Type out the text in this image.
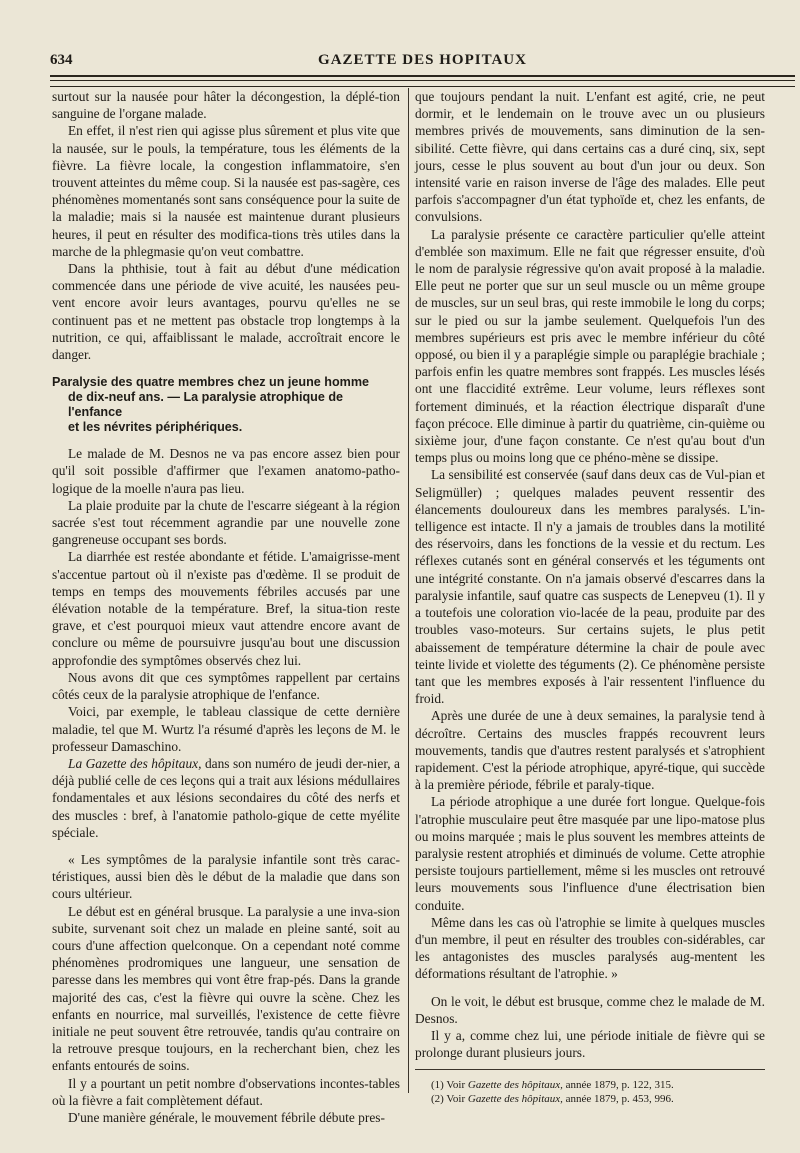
634	GAZETTE DES HOPITAUX

surtout sur la nausée pour hâter la décongestion, la déplé-tion sanguine de l'organe malade.

En effet, il n'est rien qui agisse plus sûrement et plus vite que la nausée, sur le pouls, la température, tous les éléments de la fièvre. La fièvre locale, la congestion inflammatoire, s'en trouvent atteintes du même coup. Si la nausée est pas-sagère, ces phénomènes momentanés sont sans conséquence pour la suite de la maladie; mais si la nausée est maintenue durant plusieurs heures, il peut en résulter des modifica-tions très utiles dans la marche de la phlegmasie qu'on veut combattre.

Dans la phthisie, tout à fait au début d'une médication commencée dans une période de vive acuité, les nausées peu-vent encore avoir leurs avantages, pourvu qu'elles ne se continuent pas et ne mettent pas obstacle trop longtemps à la nutrition, ce qui, affaiblissant le malade, accroîtrait encore le danger.

Paralysie des quatre membres chez un jeune homme
de dix-neuf ans. — La paralysie atrophique de l'enfance
et les névrites périphériques.

Le malade de M. Desnos ne va pas encore assez bien pour qu'il soit possible d'affirmer que l'examen anatomo-patho-logique de la moelle n'aura pas lieu.

La plaie produite par la chute de l'escarre siégeant à la région sacrée s'est tout récemment agrandie par une nouvelle zone gangreneuse occupant ses bords.

La diarrhée est restée abondante et fétide. L'amaigrisse-ment s'accentue partout où il n'existe pas d'œdème. Il se produit de temps en temps des mouvements fébriles accusés par une élévation notable de la température. Bref, la situa-tion reste grave, et c'est pourquoi mieux vaut attendre encore avant de conclure ou même de poursuivre jusqu'au bout une discussion approfondie des symptômes observés chez lui.

Nous avons dit que ces symptômes rappellent par certains côtés ceux de la paralysie atrophique de l'enfance.

Voici, par exemple, le tableau classique de cette dernière maladie, tel que M. Wurtz l'a résumé d'après les leçons de M. le professeur Damaschino.

La Gazette des hôpitaux, dans son numéro de jeudi der-nier, a déjà publié celle de ces leçons qui a trait aux lésions médullaires fondamentales et aux lésions secondaires du côté des nerfs et des muscles : bref, à l'anatomie patholo-gique de cette myélite spéciale.

« Les symptômes de la paralysie infantile sont très carac-téristiques, aussi bien dès le début de la maladie que dans son cours ultérieur.

Le début est en général brusque. La paralysie a une inva-sion subite, survenant soit chez un malade en pleine santé, soit au cours d'une affection quelconque. On a cependant noté comme phénomènes prodromiques une langueur, une sensation de paresse dans les membres qui vont être frap-pés. Dans la grande majorité des cas, c'est la fièvre qui ouvre la scène. Chez les enfants en nourrice, mal surveillés, l'existence de cette fièvre initiale ne peut souvent être retrouvée, tandis qu'au contraire on la retrouve presque toujours, en la recherchant bien, chez les enfants entourés de soins.

Il y a pourtant un petit nombre d'observations incontes-tables où la fièvre a fait complètement défaut.

D'une manière générale, le mouvement fébrile débute pres-

que toujours pendant la nuit. L'enfant est agité, crie, ne peut dormir, et le lendemain on le trouve avec un ou plusieurs membres privés de mouvements, sans diminution de la sen-sibilité. Cette fièvre, qui dans certains cas a duré cinq, six, sept jours, cesse le plus souvent au bout d'un jour ou deux. Son intensité varie en raison inverse de l'âge des malades. Elle peut parfois s'accompagner d'un état typhoïde et, chez les enfants, de convulsions.

La paralysie présente ce caractère particulier qu'elle atteint d'emblée son maximum. Elle ne fait que régresser ensuite, d'où le nom de paralysie régressive qu'on avait proposé à la maladie. Elle peut ne porter que sur un seul muscle ou un même groupe de muscles, sur un seul bras, qui reste immobile le long du corps; sur le pied ou sur la jambe seulement. Quelquefois l'un des membres supérieurs est pris avec le membre inférieur du côté opposé, ou bien il y a paraplégie simple ou paraplégie brachiale ; parfois enfin les quatre membres sont frappés. Les muscles lésés ont une flaccidité extrême. Leur volume, leurs réflexes sont fortement diminués, et la réaction électrique disparaît d'une façon précoce. Elle diminue à partir du quatrième, cin-quième ou sixième jour, d'une façon constante. Ce n'est qu'au bout d'un temps plus ou moins long que ce phéno-mène se dissipe.

La sensibilité est conservée (sauf dans deux cas de Vul-pian et Seligmüller) ; quelques malades peuvent ressentir des élancements douloureux dans les membres paralysés. L'in-telligence est intacte. Il n'y a jamais de troubles dans la motilité des réservoirs, dans les fonctions de la vessie et du rectum. Les réflexes cutanés sont en général conservés et les téguments ont une intégrité constante. On n'a jamais observé d'escarres dans la paralysie infantile, sauf quatre cas suspects de Lenepveu (1). Il y a toutefois une coloration vio-lacée de la peau, produite par des troubles vaso-moteurs. Sur certains sujets, le plus petit abaissement de température détermine la chair de poule avec teinte livide et violette des téguments (2). Ce phénomène persiste tant que les membres exposés à l'air ressentent l'influence du froid.

Après une durée de une à deux semaines, la paralysie tend à décroître. Certains des muscles frappés recouvrent leurs mouvements, tandis que d'autres restent paralysés et s'atrophient rapidement. C'est la période atrophique, apyré-tique, qui succède à la première période, fébrile et paraly-tique.

La période atrophique a une durée fort longue. Quelque-fois l'atrophie musculaire peut être masquée par une lipo-matose plus ou moins marquée ; mais le plus souvent les membres atteints de paralysie restent atrophiés et diminués de volume. Cette atrophie persiste toujours partiellement, même si les muscles ont retrouvé leurs mouvements sous l'influence d'une électrisation bien conduite.

Même dans les cas où l'atrophie se limite à quelques muscles d'un membre, il peut en résulter des troubles con-sidérables, car les antagonistes des muscles paralysés aug-mentent les déformations résultant de l'atrophie. »

On le voit, le début est brusque, comme chez le malade de M. Desnos.

Il y a, comme chez lui, une période initiale de fièvre qui se prolonge durant plusieurs jours.

(1) Voir Gazette des hôpitaux, année 1879, p. 122, 315.

(2) Voir Gazette des hôpitaux, année 1879, p. 453, 996.
